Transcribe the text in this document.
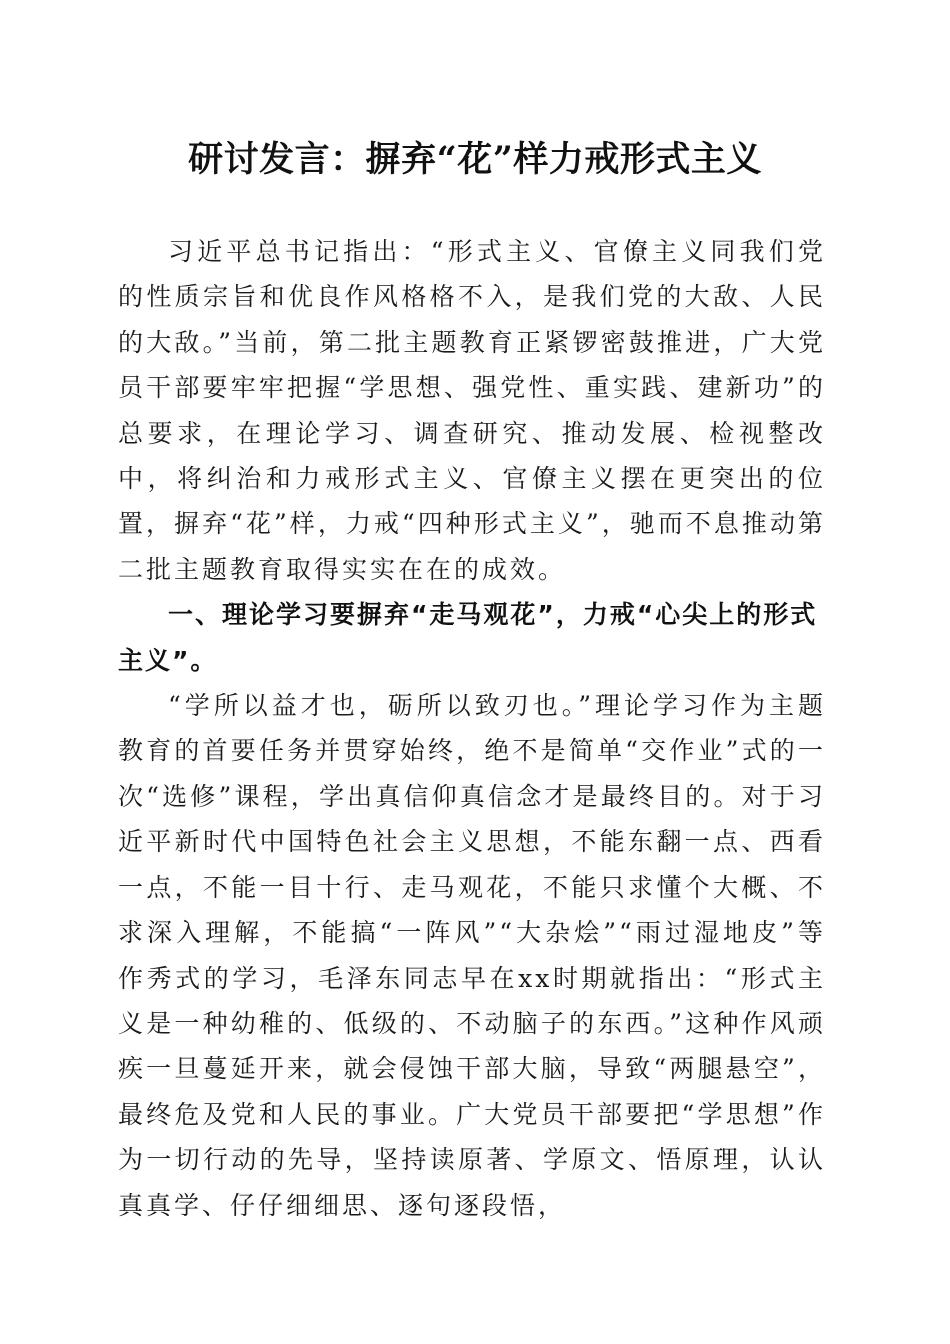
研讨发言：摒弃“花”样力戒形式主义

习近平总书记指出：“形式主义、官僚主义同我们党的性质宗旨和优良作风格格不入，是我们党的大敌、人民的大敌。”当前，第二批主题教育正紧锣密鼓推进，广大党员干部要牢牢把握“学思想、强党性、重实践、建新功”的总要求，在理论学习、调查研究、推动发展、检视整改中，将纠治和力戒形式主义、官僚主义摆在更突出的位置，摒弃“花”样，力戒“四种形式主义”，驰而不息推动第二批主题教育取得实实在在的成效。

一、理论学习要摒弃“走马观花”，力戒“心尖上的形式主义”。

“学所以益才也，砺所以致刃也。”理论学习作为主题教育的首要任务并贯穿始终，绝不是简单“交作业”式的一次“选修”课程，学出真信仰真信念才是最终目的。对于习近平新时代中国特色社会主义思想，不能东翻一点、西看一点，不能一目十行、走马观花，不能只求懂个大概、不求深入理解，不能搞“一阵风”“大杂烩”“雨过湿地皮”等作秀式的学习，毛泽东同志早在xx时期就指出：“形式主义是一种幼稚的、低级的、不动脑子的东西。”这种作风顽疾一旦蔓延开来，就会侵蚀干部大脑，导致“两腿悬空”，最终危及党和人民的事业。广大党员干部要把“学思想”作为一切行动的先导，坚持读原著、学原文、悟原理，认认真真学、仔仔细细思、逐句逐段悟，
